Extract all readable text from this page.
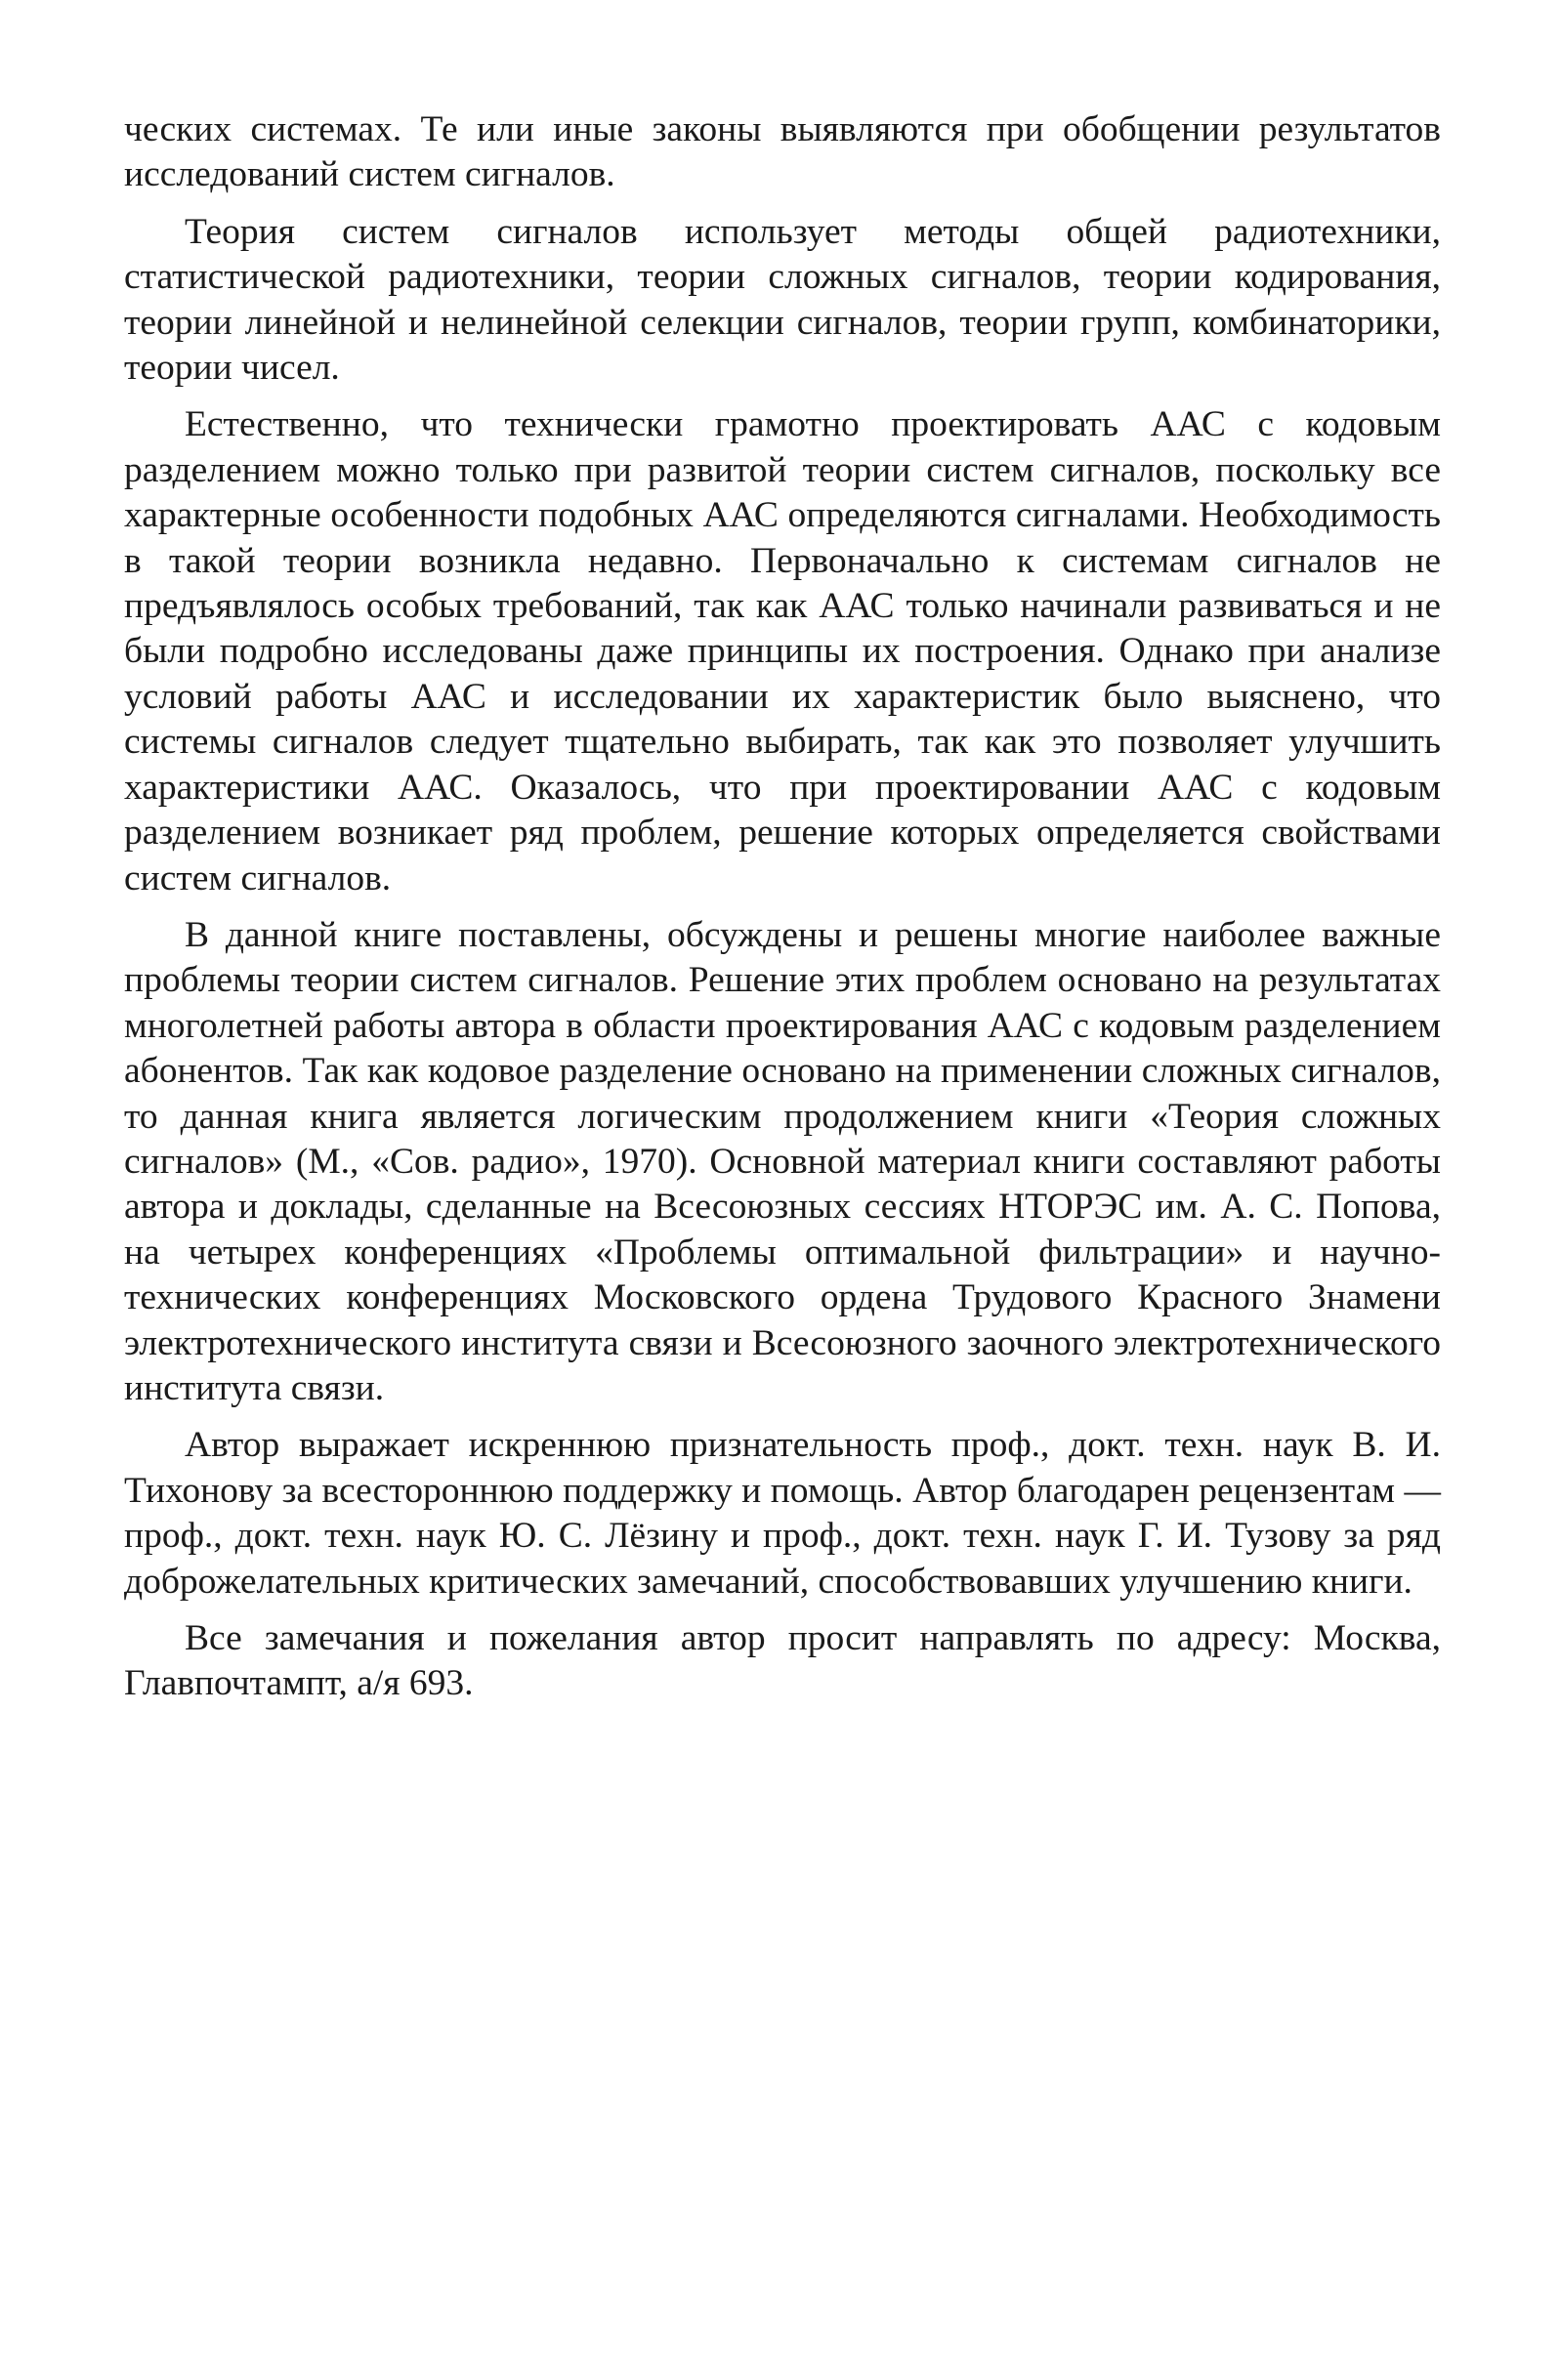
ческих системах. Те или иные законы выявляются при обобщении результатов исследований систем сигналов.

Теория систем сигналов использует методы общей радиотехники, статистической радиотехники, теории сложных сигналов, теории кодирования, теории линейной и нелинейной селекции сигналов, теории групп, комбинаторики, теории чисел.

Естественно, что технически грамотно проектировать ААС с кодовым разделением можно только при развитой теории систем сигналов, поскольку все характерные особенности подобных ААС определяются сигналами. Необходимость в такой теории возникла недавно. Первоначально к системам сигналов не предъявлялось особых требований, так как ААС только начинали развиваться и не были подробно исследованы даже принципы их построения. Однако при анализе условий работы ААС и исследовании их характеристик было выяснено, что системы сигналов следует тщательно выбирать, так как это позволяет улучшить характеристики ААС. Оказалось, что при проектировании ААС с кодовым разделением возникает ряд проблем, решение которых определяется свойствами систем сигналов.

В данной книге поставлены, обсуждены и решены многие наиболее важные проблемы теории систем сигналов. Решение этих проблем основано на результатах многолетней работы автора в области проектирования ААС с кодовым разделением абонентов. Так как кодовое разделение основано на применении сложных сигналов, то данная книга является логическим продолжением книги «Теория сложных сигналов» (М., «Сов. радио», 1970). Основной материал книги составляют работы автора и доклады, сделанные на Всесоюзных сессиях НТОРЭС им. А. С. Попова, на четырех конференциях «Проблемы оптимальной фильтрации» и научно-технических конференциях Московского ордена Трудового Красного Знамени электротехнического института связи и Всесоюзного заочного электротехнического института связи.

Автор выражает искреннюю признательность проф., докт. техн. наук В. И. Тихонову за всестороннюю поддержку и помощь. Автор благодарен рецензентам — проф., докт. техн. наук Ю. С. Лёзину и проф., докт. техн. наук Г. И. Тузову за ряд доброжелательных критических замечаний, способствовавших улучшению книги.

Все замечания и пожелания автор просит направлять по адресу: Москва, Главпочтампт, а/я 693.
